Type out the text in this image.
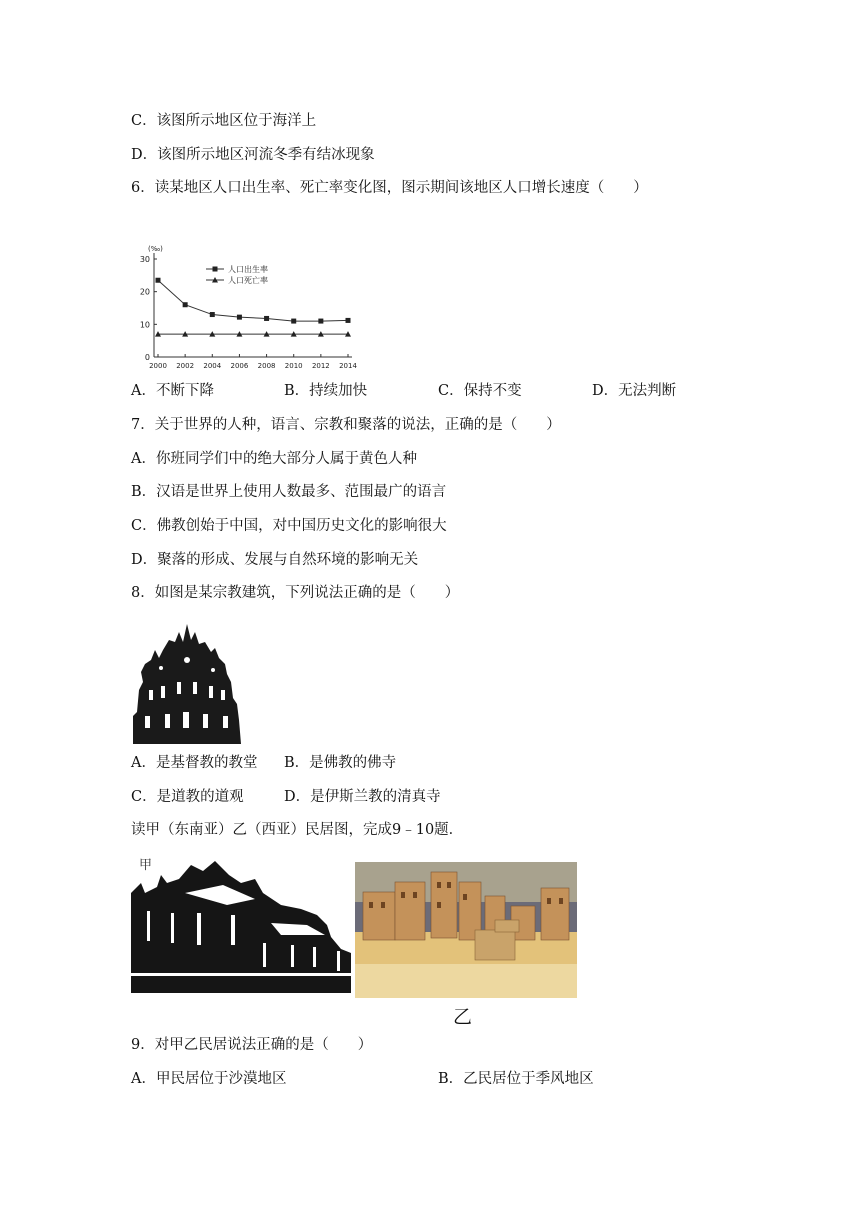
C．该图所示地区位于海洋上
D．该图所示地区河流冬季有结冰现象
6．读某地区人口出生率、死亡率变化图，图示期间该地区人口增长速度（　　）
(‰)
0
10
20
30
2000 2002 2004 2006 2008 2010 2012 2014
人口出生率
人口死亡率
A．不断下降	B．持续加快	C．保持不变	D．无法判断
7．关于世界的人种，语言、宗教和聚落的说法，正确的是（　　）
A．你班同学们中的绝大部分人属于黄色人种
B．汉语是世界上使用人数最多、范围最广的语言
C．佛教创始于中国，对中国历史文化的影响很大
D．聚落的形成、发展与自然环境的影响无关
8．如图是某宗教建筑，下列说法正确的是（　　）
A．是基督教的教堂 B．是佛教的佛寺
C．是道教的道观	D．是伊斯兰教的清真寺
读甲（东南亚）乙（西亚）民居图，完成9﹣10题．
甲
乙
9．对甲乙民居说法正确的是（　　）
A．甲民居位于沙漠地区	B．乙民居位于季风地区
